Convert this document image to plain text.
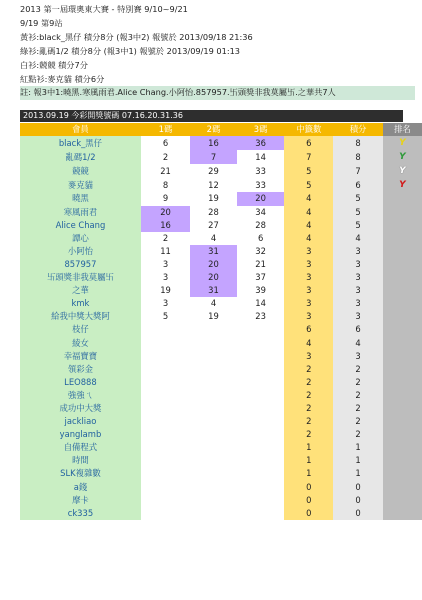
2013 第一屆環奧東大賽 - 特別賽 9/10~9/21
9/19 第9站
黃衫:black_黑仔 積分8分 (報3中2) 報號於 2013/09/18 21:36
綠衫:亂碼1/2 積分8分 (報3中1) 報號於 2013/09/19 01:13
白衫:競競 積分7分
紅點衫:麥克貓 積分6分
註: 報3中1:曉黑.寒風雨君.Alice Chang.小阿怡.857957.卐頭獎非我莫屬卐.之華共7人
2013.09.19 今彩開獎號碼 07.16.20.31.36
會員	1碼	2碼	3碼	中籤數	積分	排名
black_黑仔	6	16	36	6	8	Y
亂碼1/2	2	7	14	7	8	Y
競競	21	29	33	5	7	Y
麥克貓	8	12	33	5	6	Y
曉黑	9	19	20	4	5	
寒風雨君	20	28	34	4	5	
Alice Chang	16	27	28	4	5	
譚心	2	4	6	4	4	
小阿怡	11	31	32	3	3	
857957	3	20	21	3	3	
卐頭獎非我莫屬卐	3	20	37	3	3	
之華	19	31	39	3	3	
kmk	3	4	14	3	3	
給我中獎大獎阿	5	19	23	3	3	
枝仔				6	6	
綾女				4	4	
幸福寶寶				3	3	
領彩金				2	2	
LEO888				2	2	
強強ㄟ				2	2	
成功中大獎				2	2	
jackliao				2	2	
yanglamb				2	2	
自備程式				1	1	
時間				1	1	
SLK複雜數				1	1	
a錢				0	0	
摩卡				0	0	
ck335				0	0	
